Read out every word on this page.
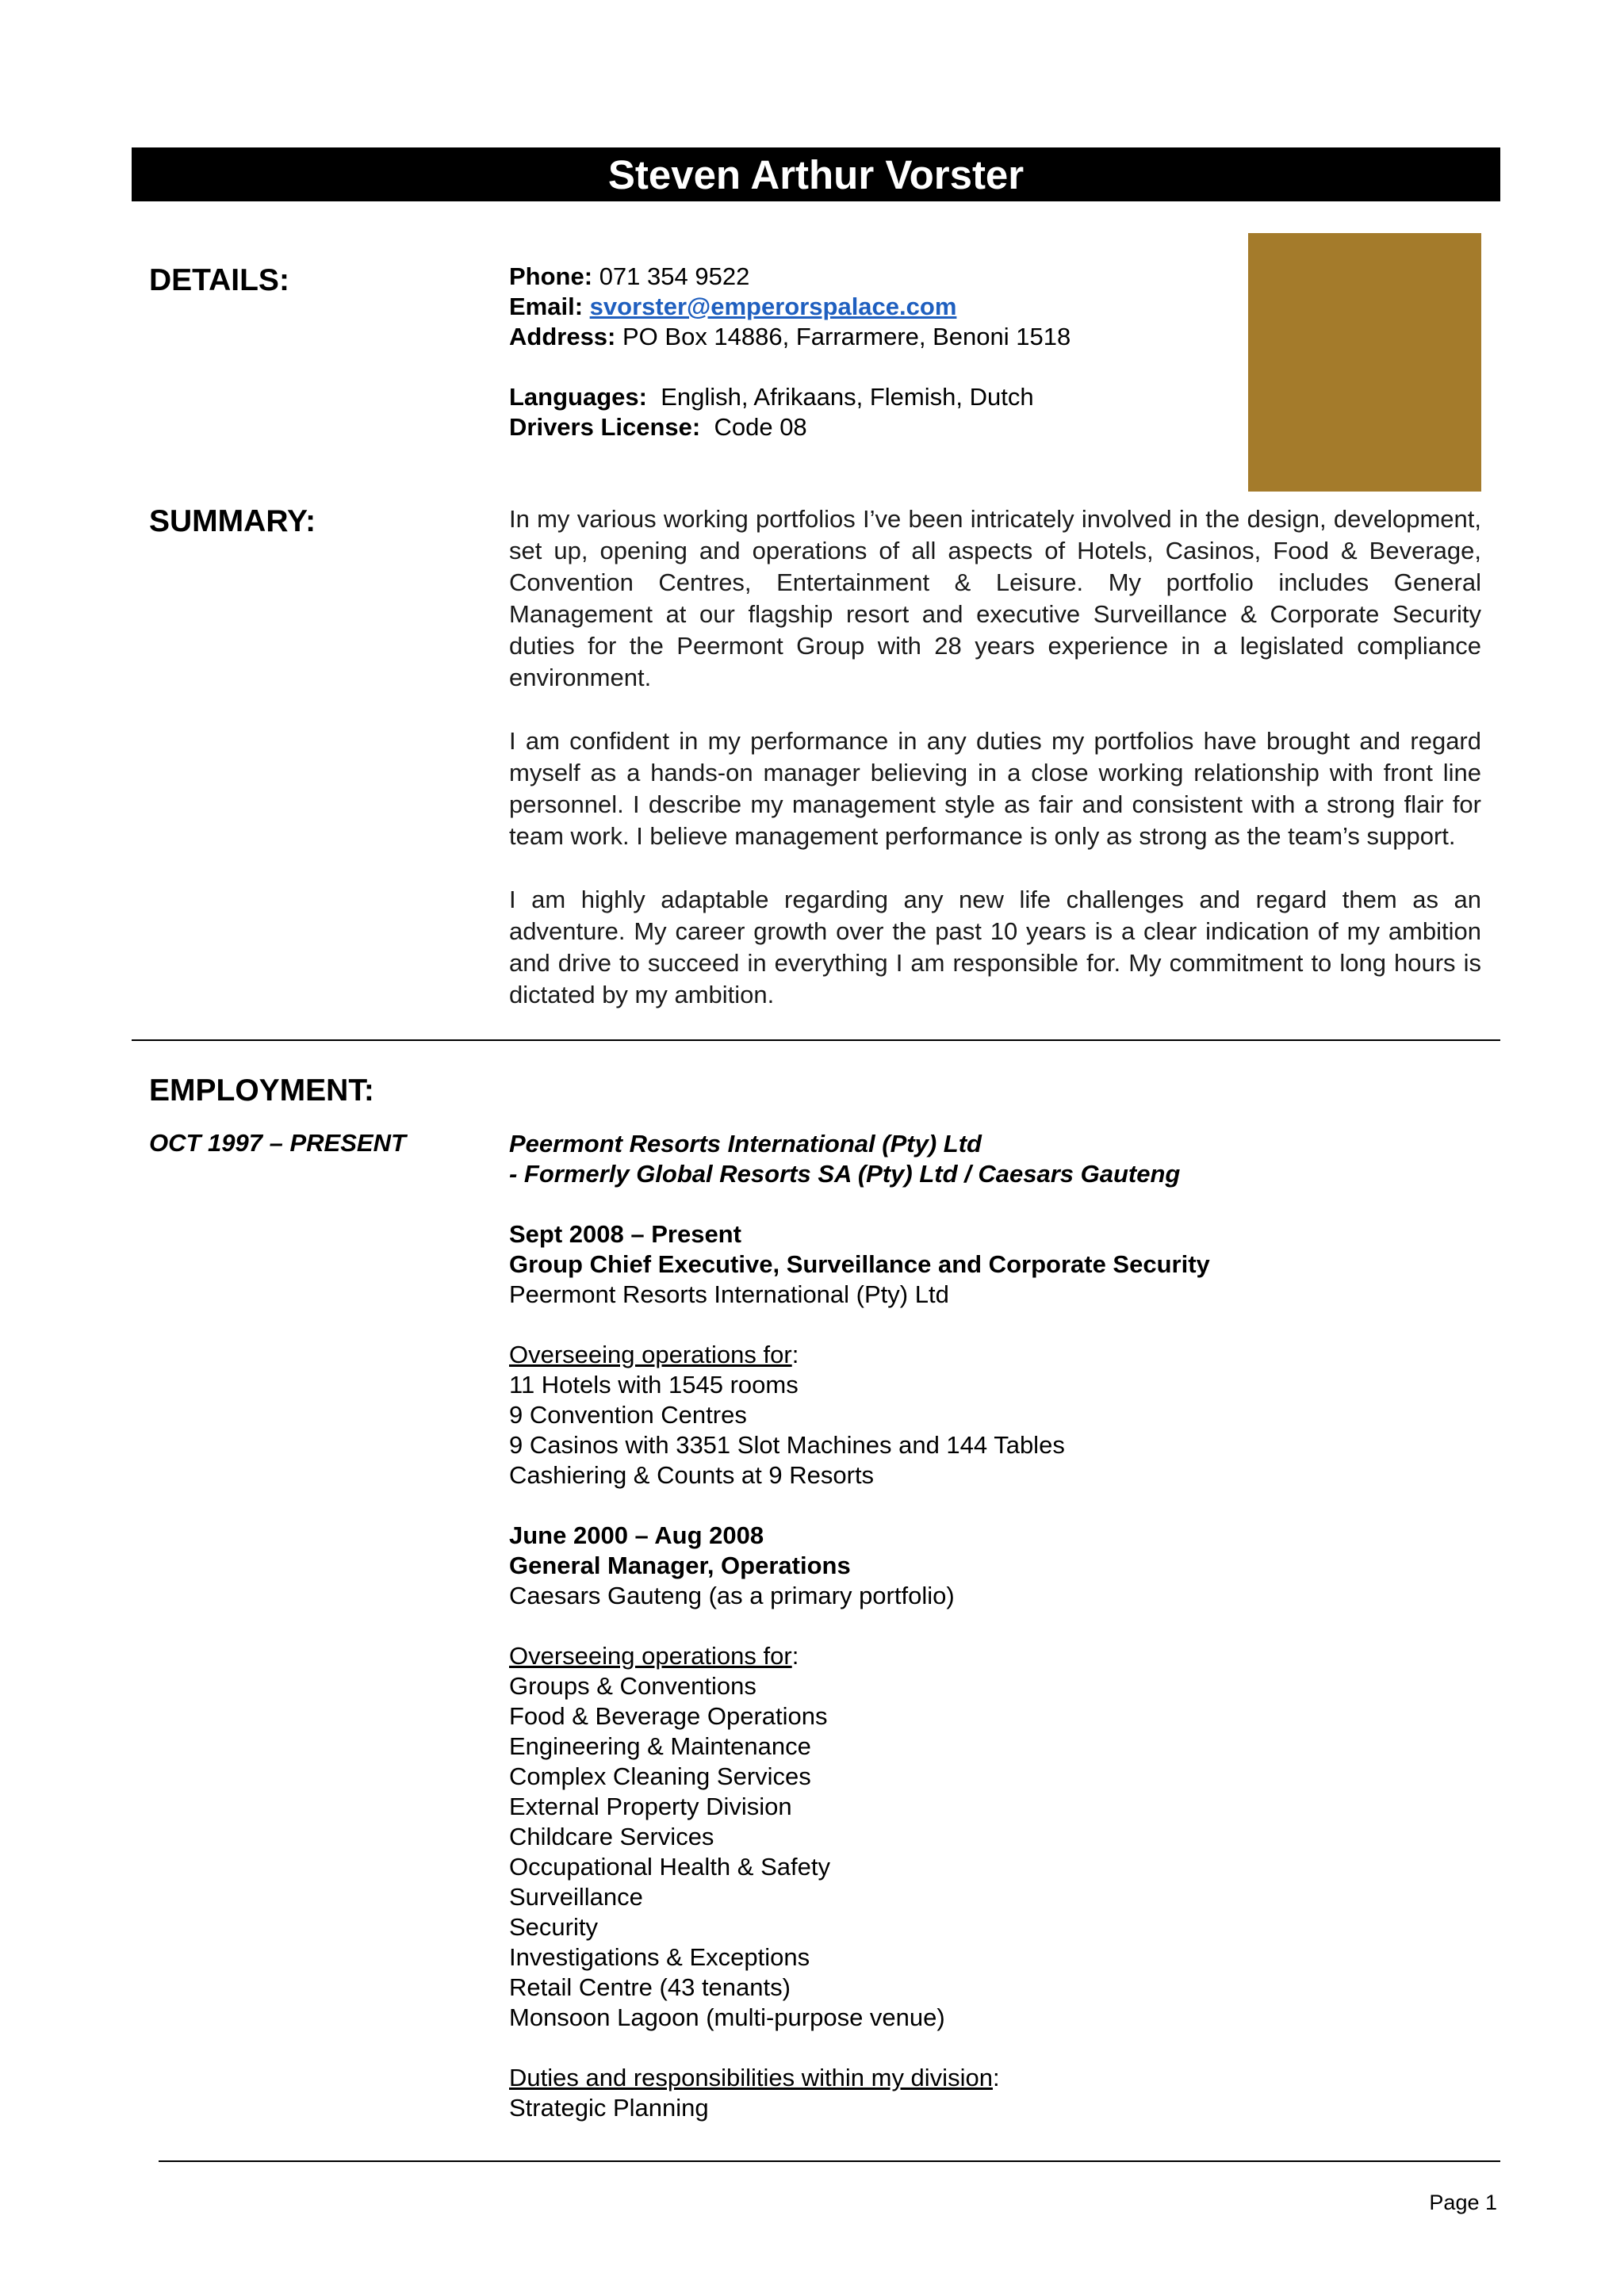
Steven Arthur Vorster
DETAILS:	Phone: 071 354 9522
Email: svorster@emperorspalace.com
Address: PO Box 14886, Farrarmere, Benoni 1518
Languages: English, Afrikaans, Flemish, Dutch
Drivers License: Code 08
SUMMARY:	In my various working portfolios I’ve been intricately involved in the design, development, set up, opening and operations of all aspects of Hotels, Casinos, Food & Beverage, Convention Centres, Entertainment & Leisure. My portfolio includes General Management at our flagship resort and executive Surveillance & Corporate Security duties for the Peermont Group with 28 years experience in a legislated compliance environment.

I am confident in my performance in any duties my portfolios have brought and regard myself as a hands-on manager believing in a close working relationship with front line personnel. I describe my management style as fair and consistent with a strong flair for team work. I believe management performance is only as strong as the team’s support.

I am highly adaptable regarding any new life challenges and regard them as an adventure. My career growth over the past 10 years is a clear indication of my ambition and drive to succeed in everything I am responsible for. My commitment to long hours is dictated by my ambition.

EMPLOYMENT:
OCT 1997 – PRESENT	Peermont Resorts International (Pty) Ltd
- Formerly Global Resorts SA (Pty) Ltd / Caesars Gauteng
Sept 2008 – Present
Group Chief Executive, Surveillance and Corporate Security
Peermont Resorts International (Pty) Ltd
Overseeing operations for:
11 Hotels with 1545 rooms
9 Convention Centres
9 Casinos with 3351 Slot Machines and 144 Tables
Cashiering & Counts at 9 Resorts
June 2000 – Aug 2008
General Manager, Operations
Caesars Gauteng (as a primary portfolio)
Overseeing operations for:
Groups & Conventions
Food & Beverage Operations
Engineering & Maintenance
Complex Cleaning Services
External Property Division
Childcare Services
Occupational Health & Safety
Surveillance
Security
Investigations & Exceptions
Retail Centre (43 tenants)
Monsoon Lagoon (multi-purpose venue)
Duties and responsibilities within my division:
Strategic Planning
Page 1
